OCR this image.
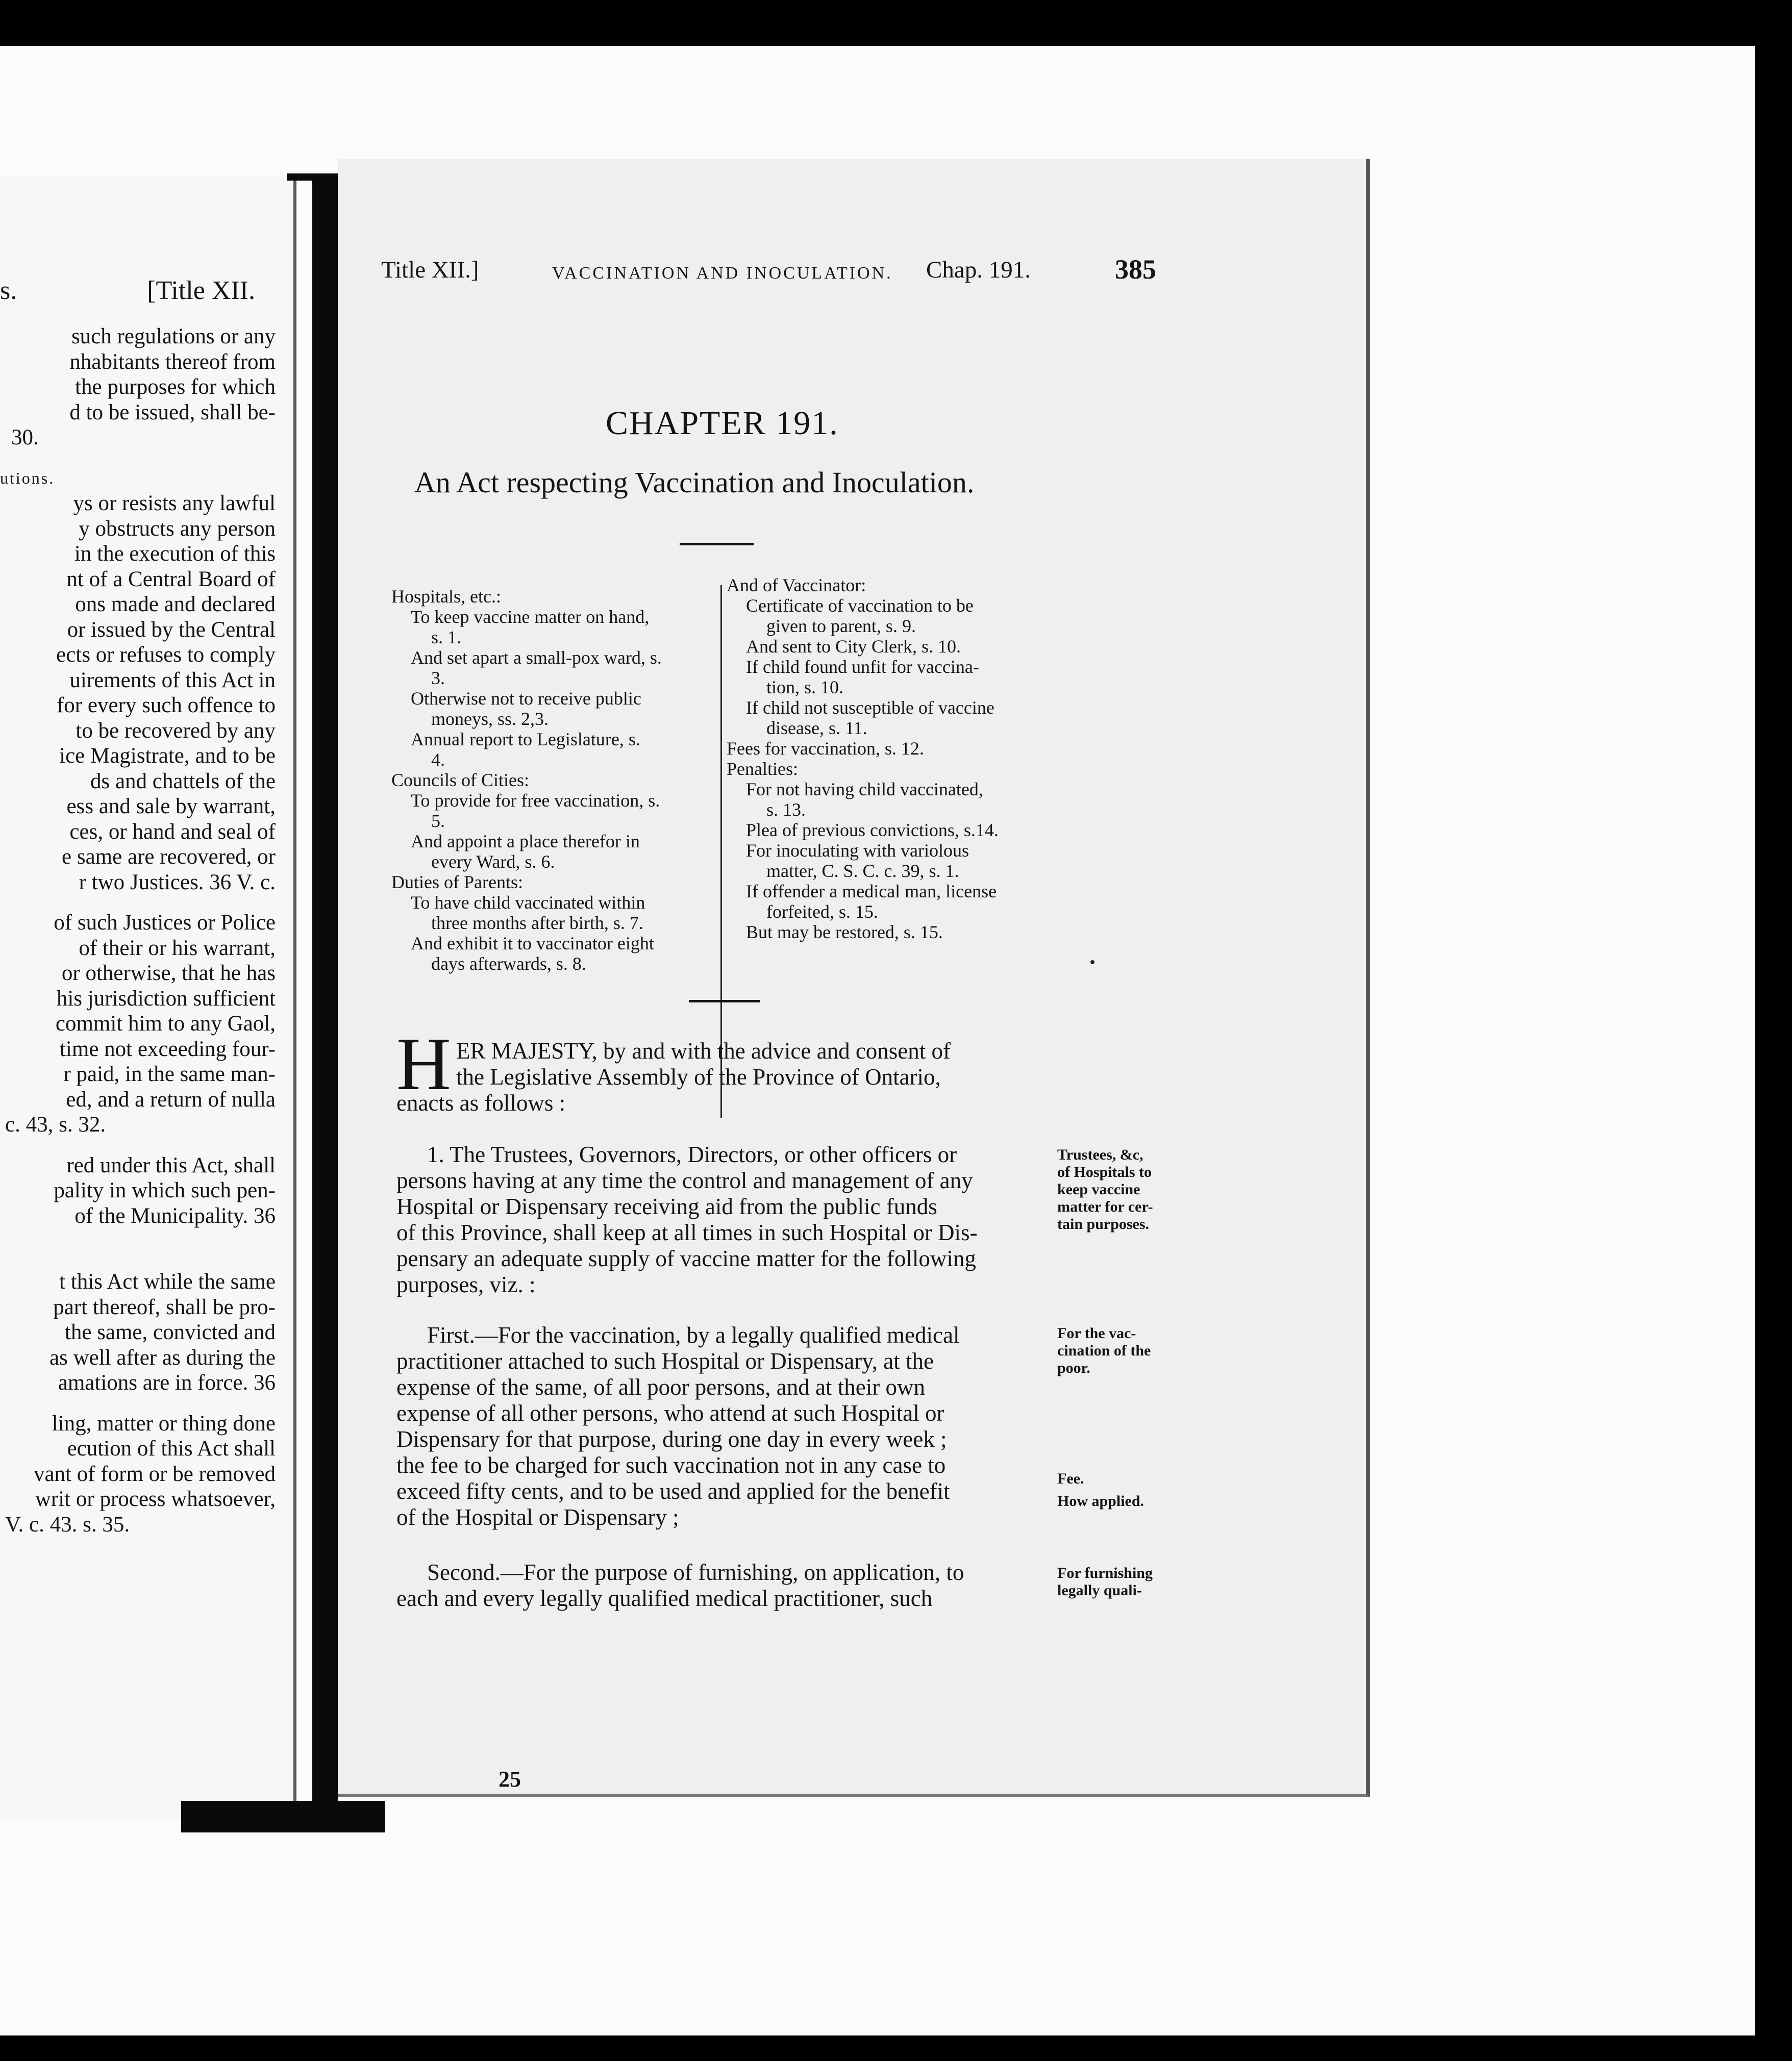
s.	[Title XII.
such regulations or any
nhabitants thereof from
the purposes for which
d to be issued, shall be-
30.
utions.
ys or resists any lawful
y obstructs any person
in the execution of this
nt of a Central Board of
ons made and declared
or issued by the Central
ects or refuses to comply
uirements of this Act in
for every such offence to
to be recovered by any
ice Magistrate, and to be
ds and chattels of the
ess and sale by warrant,
ces, or hand and seal of
e same are recovered, or
r two Justices. 36 V. c.
of such Justices or Police
of their or his warrant,
or otherwise, that he has
his jurisdiction sufficient
commit him to any Gaol,
time not exceeding four-
r paid, in the same man-
ed, and a return of nulla
c. 43, s. 32.
red under this Act, shall
pality in which such pen-
of the Municipality. 36
t this Act while the same
part thereof, shall be pro-
the same, convicted and
as well after as during the
amations are in force. 36
ling, matter or thing done
ecution of this Act shall
vant of form or be removed
writ or process whatsoever,
V. c. 43. s. 35.
Title XII.]	VACCINATION AND INOCULATION. Chap. 191.	385
CHAPTER 191.
An Act respecting Vaccination and Inoculation.
Hospitals, etc.:
To keep vaccine matter on hand,
s. 1.
And set apart a small-pox ward, s.
3.
Otherwise not to receive public
moneys, ss. 2,3.
Annual report to Legislature, s.
4.
Councils of Cities:
To provide for free vaccination, s.
5.
And appoint a place therefor in
every Ward, s. 6.
Duties of Parents:
To have child vaccinated within
three months after birth, s. 7.
And exhibit it to vaccinator eight
days afterwards, s. 8.
And of Vaccinator:
Certificate of vaccination to be
given to parent, s. 9.
And sent to City Clerk, s. 10.
If child found unfit for vaccina-
tion, s. 10.
If child not susceptible of vaccine
disease, s. 11.
Fees for vaccination, s. 12.
Penalties:
For not having child vaccinated,
s. 13.
Plea of previous convictions, s.14.
For inoculating with variolous
matter, C. S. C. c. 39, s. 1.
If offender a medical man, license
forfeited, s. 15.
But may be restored, s. 15.
H ER MAJESTY, by and with the advice and consent of
the Legislative Assembly of the Province of Ontario,
enacts as follows :
1. The Trustees, Governors, Directors, or other officers or
persons having at any time the control and management of any
Hospital or Dispensary receiving aid from the public funds
of this Province, shall keep at all times in such Hospital or Dis-
pensary an adequate supply of vaccine matter for the following
purposes, viz. :
First.—For the vaccination, by a legally qualified medical
practitioner attached to such Hospital or Dispensary, at the
expense of the same, of all poor persons, and at their own
expense of all other persons, who attend at such Hospital or
Dispensary for that purpose, during one day in every week ;
the fee to be charged for such vaccination not in any case to
exceed fifty cents, and to be used and applied for the benefit
of the Hospital or Dispensary ;
Second.—For the purpose of furnishing, on application, to
each and every legally qualified medical practitioner, such
Trustees, &c,
of Hospitals to
keep vaccine
matter for cer-
tain purposes.
For the vac-
cination of the
poor.
Fee.
How applied.
For furnishing
legally quali-
25
